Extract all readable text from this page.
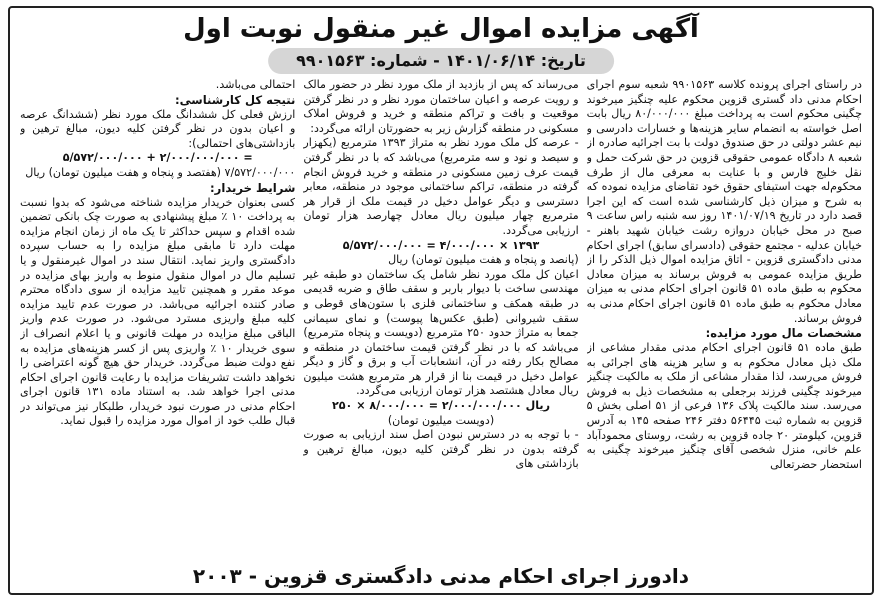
آگهی مزایده اموال غیر منقول نوبت اول
تاریخ: ۱۴۰۱/۰۶/۱۴ - شماره: ۹۹۰۱۵۶۳

در راستای اجرای پرونده کلاسه ۹۹۰۱۵۶۳ شعبه سوم اجرای احکام مدنی داد گستری قزوین محکوم علیه چنگیز میرخوند چگینی محکوم است به پرداخت مبلغ ۸۰/۰۰۰/۰۰۰ ریال بابت اصل خواسته به انضمام سایر هزینه‌ها و خسارات دادرسی و نیم عشر دولتی در حق صندوق دولت با بت اجرائیه صادره از شعبه ۸ دادگاه عمومی حقوقی قزوین در حق شرکت حمل و نقل خلیج فارس و با عنایت به معرفی مال از طرف محکوم‌له جهت استیفای حقوق خود تقاضای مزایده نموده که به شرح و میزان ذیل کارشناسی شده است که این اجرا قصد دارد در تاریخ ۱۴۰۱/۰۷/۱۹ روز سه شنبه راس ساعت ۹ صبح در محل خیابان دروازه رشت خیابان شهید باهنر - خیابان عدلیه - مجتمع حقوقی (دادسرای سابق) اجرای احکام مدنی دادگستری قزوین - اتاق مزایده اموال ذیل الذکر را از طریق مزایده عمومی به فروش برساند به میزان معادل محکوم به طبق ماده ۵۱ قانون اجرای احکام مدنی به میزان معادل محکوم به طبق ماده ۵۱ قانون اجرای احکام مدنی به فروش برساند.

مشخصات مال مورد مزایده:

طبق ماده ۵۱ قانون اجرای احکام مدنی مقدار مشاعی از ملک ذیل معادل محکوم به و سایر هزینه های اجرائی به فروش می‌رسد، لذا مقدار مشاعی از ملک به مالکیت چنگیز میرخوند چگینی فرزند برجعلی به مشخصات ذیل به فروش می‌رسد. سند مالکیت پلاک ۱۳۶ فرعی از ۵۱ اصلی بخش ۵ قزوین به شماره ثبت ۵۶۴۴۵ دفتر ۲۴۶ صفحه ۱۴۵ به آدرس قزوین، کیلومتر ۲۰ جاده قزوین به رشت، روستای محمودآباد علم خانی، منزل شخصی آقای چنگیز میرخوند چگینی به استحضار حضرتعالی

می‌رساند که پس از بازدید از ملک مورد نظر در حضور مالک و رویت عرصه و اعیان ساختمان مورد نظر و در نظر گرفتن موقعیت و بافت و تراکم منطقه و خرید و فروش املاک مسکونی در منطقه گزارش زیر به حضورتان ارائه می‌گردد:

- عرصه کل ملک مورد نظر به متراژ ۱۳۹۳ مترمربع (یکهزار و سیصد و نود و سه مترمربع) می‌باشد که با در نظر گرفتن قیمت عرف زمین مسکونی در منطقه و خرید فروش انجام گرفته در منطقه، تراکم ساختمانی موجود در منطقه، معابر دسترسی و دیگر عوامل دخیل در قیمت ملک از قرار هر مترمربع چهار میلیون ریال معادل چهارصد هزار تومان ارزیابی می‌گردد.

۵/۵۷۲/۰۰۰/۰۰۰ = ۴/۰۰۰/۰۰۰ × ۱۳۹۳

(پانصد و پنجاه و هفت میلیون تومان) ریال

اعیان کل ملک مورد نظر شامل یک ساختمان دو طبقه غیر مهندسی ساخت با دیوار باربر و سقف طاق و ضربه قدیمی در طبقه همکف و ساختمانی فلزی با ستون‌های قوطی و سقف شیروانی (طبق عکس‌ها پیوست) و نمای سیمانی جمعا به متراژ حدود ۲۵۰ مترمربع (دویست و پنجاه مترمربع) می‌باشد که با در نظر گرفتن قیمت ساختمان در منطقه و مصالح بکار رفته در آن، انشعابات آب و برق و گاز و دیگر عوامل دخیل در قیمت بنا از قرار هر مترمربع هشت میلیون ریال معادل هشتصد هزار تومان ارزیابی می‌گردد.

ریال ۲/۰۰۰/۰۰۰/۰۰۰ = ۸/۰۰۰/۰۰۰ × ۲۵۰

(دویست میلیون تومان)

- با توجه به در دسترس نبودن اصل سند ارزیابی به صورت گرفته بدون در نظر گرفتن کلیه دیون، مبالغ ترهین و بازداشتی های

احتمالی می‌باشد.

نتیجه کل کارشناسی:

ارزش فعلی کل ششدانگ ملک مورد نظر (ششدانگ عرصه و اعیان بدون در نظر گرفتن کلیه دیون، مبالغ ترهین و بازداشتی‌های احتمالی):

۵/۵۷۲/۰۰۰/۰۰۰ + ۲/۰۰۰/۰۰۰/۰۰۰ =

۷/۵۷۲/۰۰۰/۰۰۰ (هفتصد و پنجاه و هفت میلیون تومان) ریال

شرایط خریدار:

کسی بعنوان خریدار مزایده شناخته می‌شود که بدوا نسبت به پرداخت ۱۰ ٪ مبلغ پیشنهادی به صورت چک بانکی تضمین شده اقدام و سپس حداکثر تا یک ماه از زمان انجام مزایده مهلت دارد تا مابقی مبلغ مزایده را به حساب سپرده دادگستری واریز نماید. انتقال سند در اموال غیرمنقول و یا تسلیم مال در اموال منقول منوط به واریز بهای مزایده در موعد مقرر و همچنین تایید مزایده از سوی دادگاه محترم صادر کننده اجرائیه می‌باشد. در صورت عدم تایید مزایده کلیه مبلغ واریزی مسترد می‌شود. در صورت عدم واریز الباقی مبلغ مزایده در مهلت قانونی و یا اعلام انصراف از سوی خریدار ۱۰ ٪ واریزی پس از کسر هزینه‌های مزایده به نفع دولت ضبط می‌گردد. خریدار حق هیچ گونه اعتراضی را نخواهد داشت تشریفات مزایده با رعایت قانون اجرای احکام مدنی اجرا خواهد شد. به استناد ماده ۱۳۱ قانون اجرای احکام مدنی در صورت نبود خریدار، طلبکار نیز می‌تواند در قبال طلب خود از اموال مورد مزایده را قبول نماید.

دادورز اجرای احکام مدنی دادگستری قزوین - ۲۰۰۳
